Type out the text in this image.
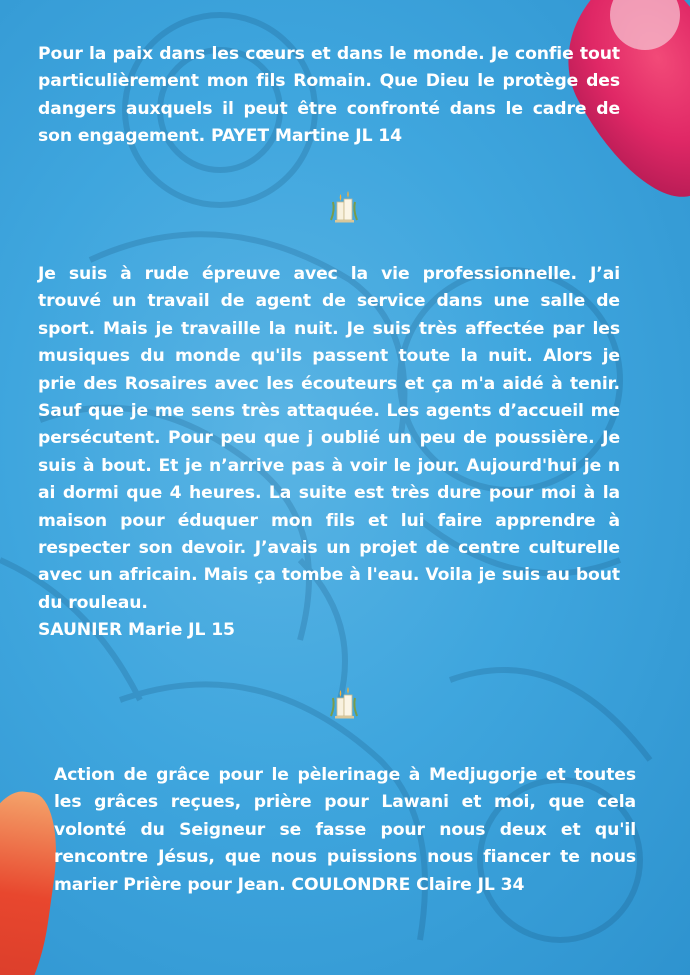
Pour la paix dans les cœurs et dans le monde. Je confie tout particulièrement mon fils Romain. Que Dieu le protège des dangers auxquels il peut être confronté dans le cadre de son engagement. PAYET Martine JL 14

Je suis à rude épreuve avec la vie professionnelle. J’ai trouvé un travail de agent de service dans une salle de sport. Mais je travaille la nuit. Je suis très affectée par les musiques du monde qu'ils passent toute la nuit. Alors je prie des Rosaires avec les écouteurs et ça m'a aidé à tenir. Sauf que je me sens très attaquée. Les agents d’accueil me persécutent. Pour peu que j oublié un peu de poussière. Je suis à bout. Et je n’arrive pas à voir le jour. Aujourd'hui je n ai dormi que 4 heures. La suite est très dure pour moi à la maison pour éduquer mon fils et lui faire apprendre à respecter son devoir. J’avais un projet de centre culturelle avec un africain. Mais ça tombe à l'eau. Voila je suis au bout du rouleau.

SAUNIER Marie JL 15

Action de grâce pour le pèlerinage à Medjugorje et toutes les grâces reçues, prière pour Lawani et moi, que cela volonté du Seigneur se fasse pour nous deux et qu'il rencontre Jésus, que nous puissions nous fiancer te nous marier Prière pour Jean. COULONDRE Claire JL 34
